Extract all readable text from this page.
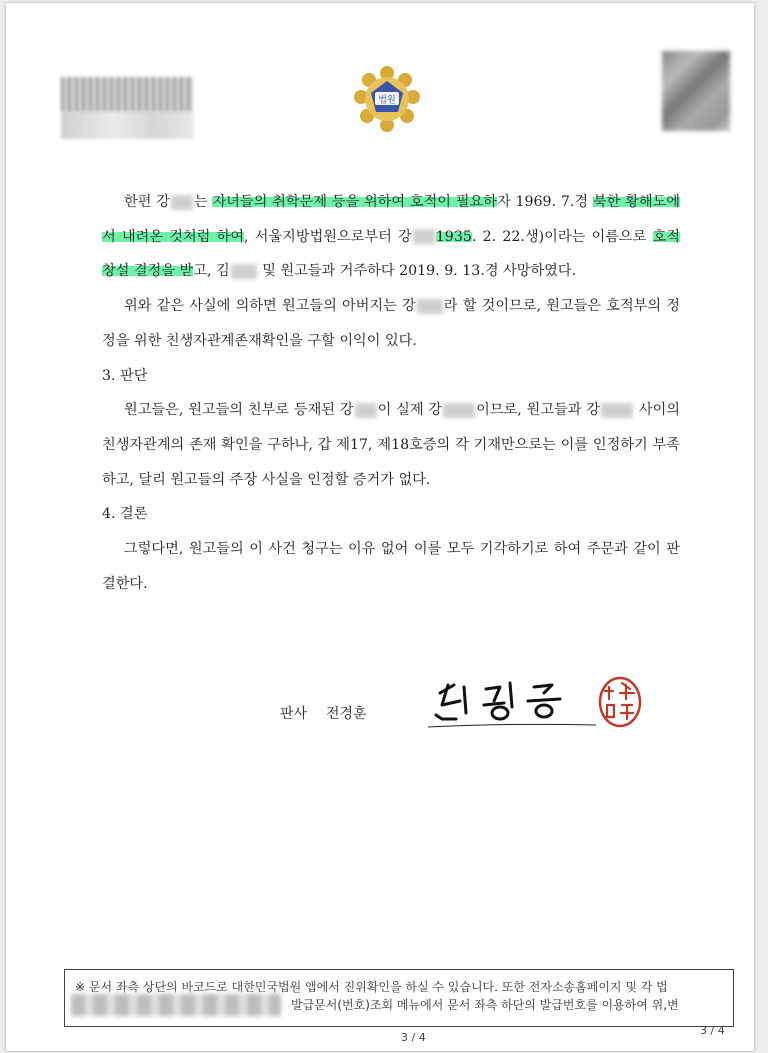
법원

한편 강 는 자녀들의 취학문제 등을 위하여 호적이 필요하자 1969. 7.경 북한 황해도에서 내려온 것처럼 하여, 서울지방법원으로부터 강 1935. 2. 22.생)이라는 이름으로 호적 창설 결정을 받고, 김 및 원고들과 거주하다 2019. 9. 13.경 사망하였다.

위와 같은 사실에 의하면 원고들의 아버지는 강 라 할 것이므로, 원고들은 호적부의 정정을 위한 친생자관계존재확인을 구할 이익이 있다.

3. 판단

원고들은, 원고들의 친부로 등재된 강 이 실제 강 이므로, 원고들과 강 사이의 친생자관계의 존재 확인을 구하나, 갑 제17, 제18호증의 각 기재만으로는 이를 인정하기 부족하고, 달리 원고들의 주장 사실을 인정할 증거가 없다.

4. 결론

그렇다면, 원고들의 이 사건 청구는 이유 없어 이를 모두 기각하기로 하여 주문과 같이 판결한다.

판사 전경훈
※ 문서 좌측 상단의 바코드로 대한민국법원 앱에서 진위확인을 하실 수 있습니다. 또한 전자소송홈페이지 및 각 법
발급문서(번호)조회 메뉴에서 문서 좌측 하단의 발급번호를 이용하여 위,변
3 / 4
3 / 4
